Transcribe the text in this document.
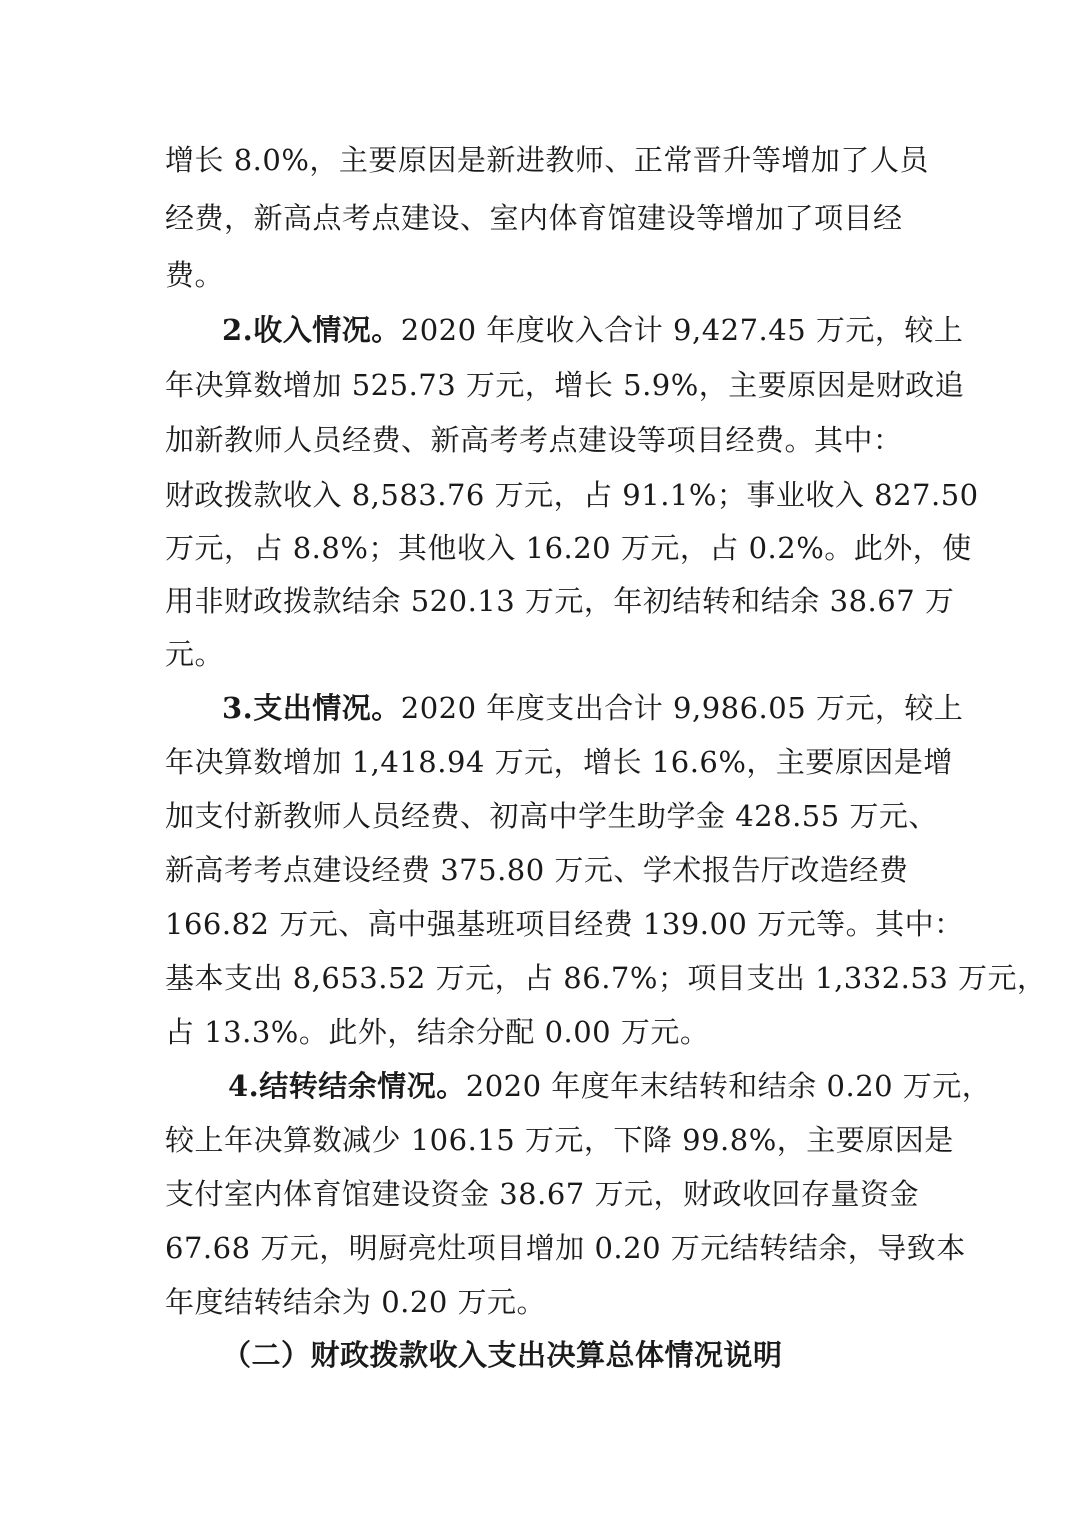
增长 8.0%，主要原因是新进教师、正常晋升等增加了人员
经费，新高点考点建设、室内体育馆建设等增加了项目经
费。
2.收入情况。2020 年度收入合计 9,427.45 万元，较上
年决算数增加 525.73 万元，增长 5.9%，主要原因是财政追
加新教师人员经费、新高考考点建设等项目经费。其中：
财政拨款收入 8,583.76 万元，占 91.1%；事业收入 827.50
万元，占 8.8%；其他收入 16.20 万元，占 0.2%。此外，使
用非财政拨款结余 520.13 万元，年初结转和结余 38.67 万
元。
3.支出情况。2020 年度支出合计 9,986.05 万元，较上
年决算数增加 1,418.94 万元，增长 16.6%，主要原因是增
加支付新教师人员经费、初高中学生助学金 428.55 万元、
新高考考点建设经费 375.80 万元、学术报告厅改造经费
166.82 万元、高中强基班项目经费 139.00 万元等。其中：
基本支出 8,653.52 万元，占 86.7%；项目支出 1,332.53 万元，
占 13.3%。此外，结余分配 0.00 万元。
4.结转结余情况。2020 年度年末结转和结余 0.20 万元，
较上年决算数减少 106.15 万元，下降 99.8%，主要原因是
支付室内体育馆建设资金 38.67 万元，财政收回存量资金
67.68 万元，明厨亮灶项目增加 0.20 万元结转结余，导致本
年度结转结余为 0.20 万元。
（二）财政拨款收入支出决算总体情况说明
